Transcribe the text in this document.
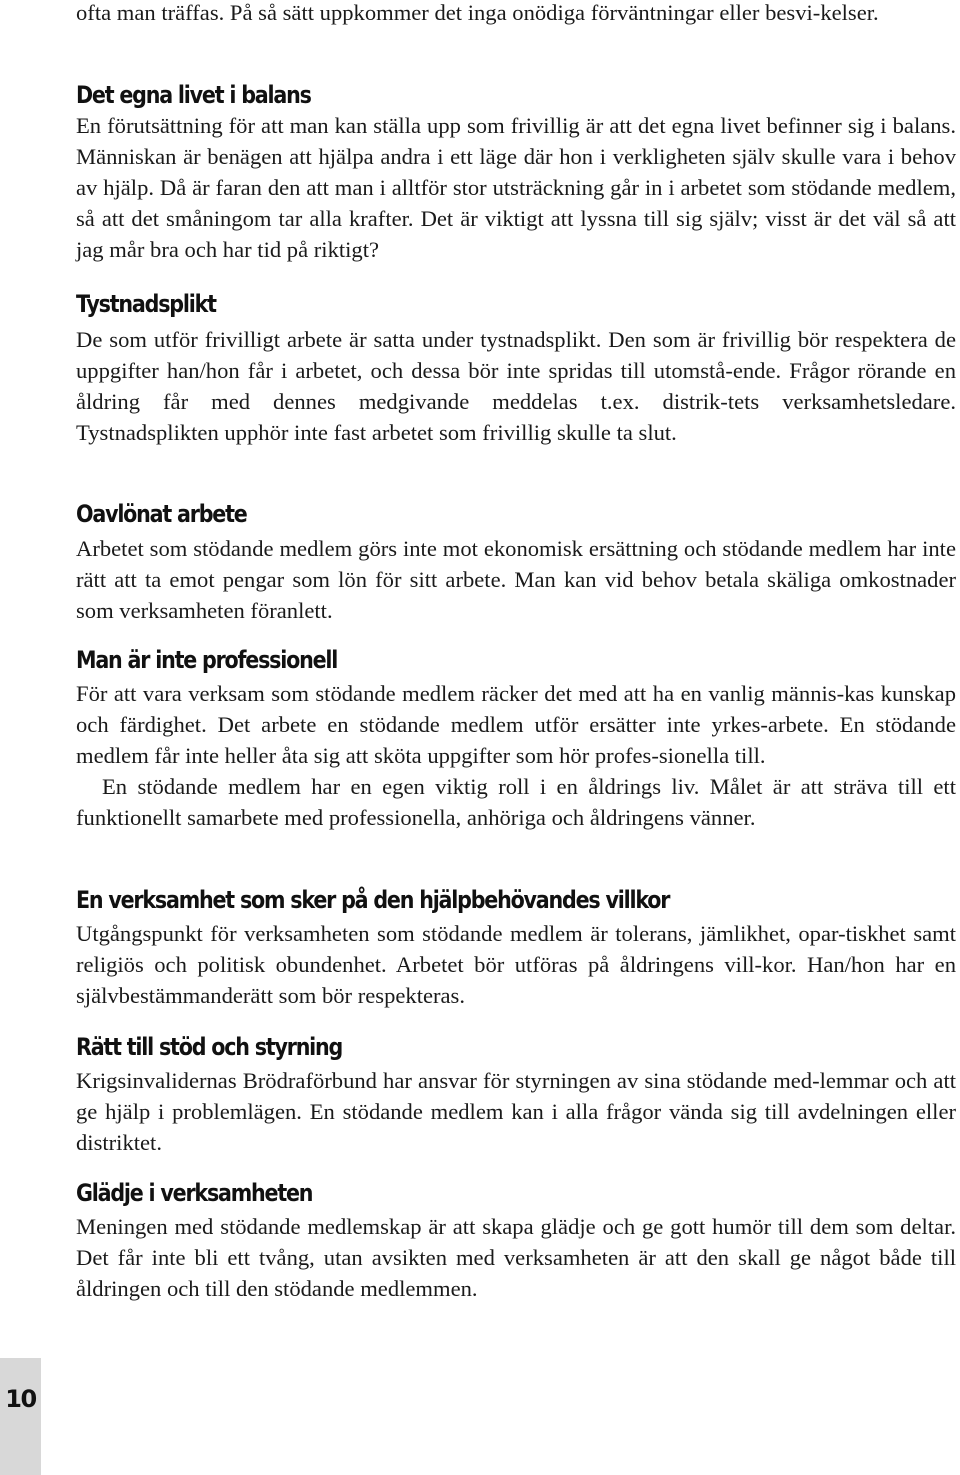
ofta man träffas. På så sätt uppkommer det inga onödiga förväntningar eller besvi-kelser.

Det egna livet i balans

En förutsättning för att man kan ställa upp som frivillig är att det egna livet befinner sig i balans. Människan är benägen att hjälpa andra i ett läge där hon i verkligheten själv skulle vara i behov av hjälp. Då är faran den att man i alltför stor utsträckning går in i arbetet som stödande medlem, så att det småningom tar alla krafter. Det är viktigt att lyssna till sig själv; visst är det väl så att jag mår bra och har tid på riktigt?

Tystnadsplikt

De som utför frivilligt arbete är satta under tystnadsplikt. Den som är frivillig bör respektera de uppgifter han/hon får i arbetet, och dessa bör inte spridas till utomstå-ende. Frågor rörande en åldring får med dennes medgivande meddelas t.ex. distrik-tets verksamhetsledare. Tystnadsplikten upphör inte fast arbetet som frivillig skulle ta slut.

Oavlönat arbete

Arbetet som stödande medlem görs inte mot ekonomisk ersättning och stödande medlem har inte rätt att ta emot pengar som lön för sitt arbete. Man kan vid behov betala skäliga omkostnader som verksamheten föranlett.

Man är inte professionell

För att vara verksam som stödande medlem räcker det med att ha en vanlig männis-kas kunskap och färdighet. Det arbete en stödande medlem utför ersätter inte yrkes-arbete. En stödande medlem får inte heller åta sig att sköta uppgifter som hör profes-sionella till.

En stödande medlem har en egen viktig roll i en åldrings liv. Målet är att sträva till ett funktionellt samarbete med professionella, anhöriga och åldringens vänner.

En verksamhet som sker på den hjälpbehövandes villkor

Utgångspunkt för verksamheten som stödande medlem är tolerans, jämlikhet, opar-tiskhet samt religiös och politisk obundenhet. Arbetet bör utföras på åldringens vill-kor. Han/hon har en självbestämmanderätt som bör respekteras.

Rätt till stöd och styrning

Krigsinvalidernas Brödraförbund har ansvar för styrningen av sina stödande med-lemmar och att ge hjälp i problemlägen. En stödande medlem kan i alla frågor vända sig till avdelningen eller distriktet.

Glädje i verksamheten

Meningen med stödande medlemskap är att skapa glädje och ge gott humör till dem som deltar. Det får inte bli ett tvång, utan avsikten med verksamheten är att den skall ge något både till åldringen och till den stödande medlemmen.

10
